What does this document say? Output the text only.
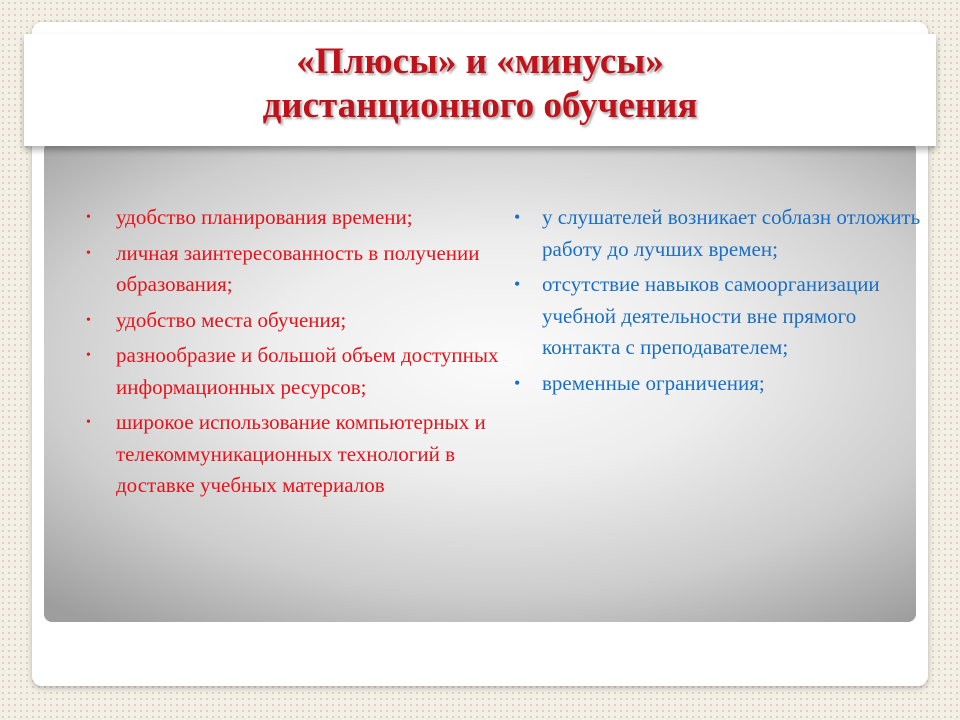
«Плюсы» и «минусы»
дистанционного обучения
• удобство планирования времени;
• личная заинтересованность в получении образования;
• удобство места обучения;
• разнообразие и большой объем доступных информационных ресурсов;
• широкое использование компьютерных и телекоммуникационных технологий в доставке учебных материалов
• у слушателей возникает соблазн отложить работу до лучших времен;
• отсутствие навыков самоорганизации учебной деятельности вне прямого контакта с преподавателем;
• временные ограничения;
